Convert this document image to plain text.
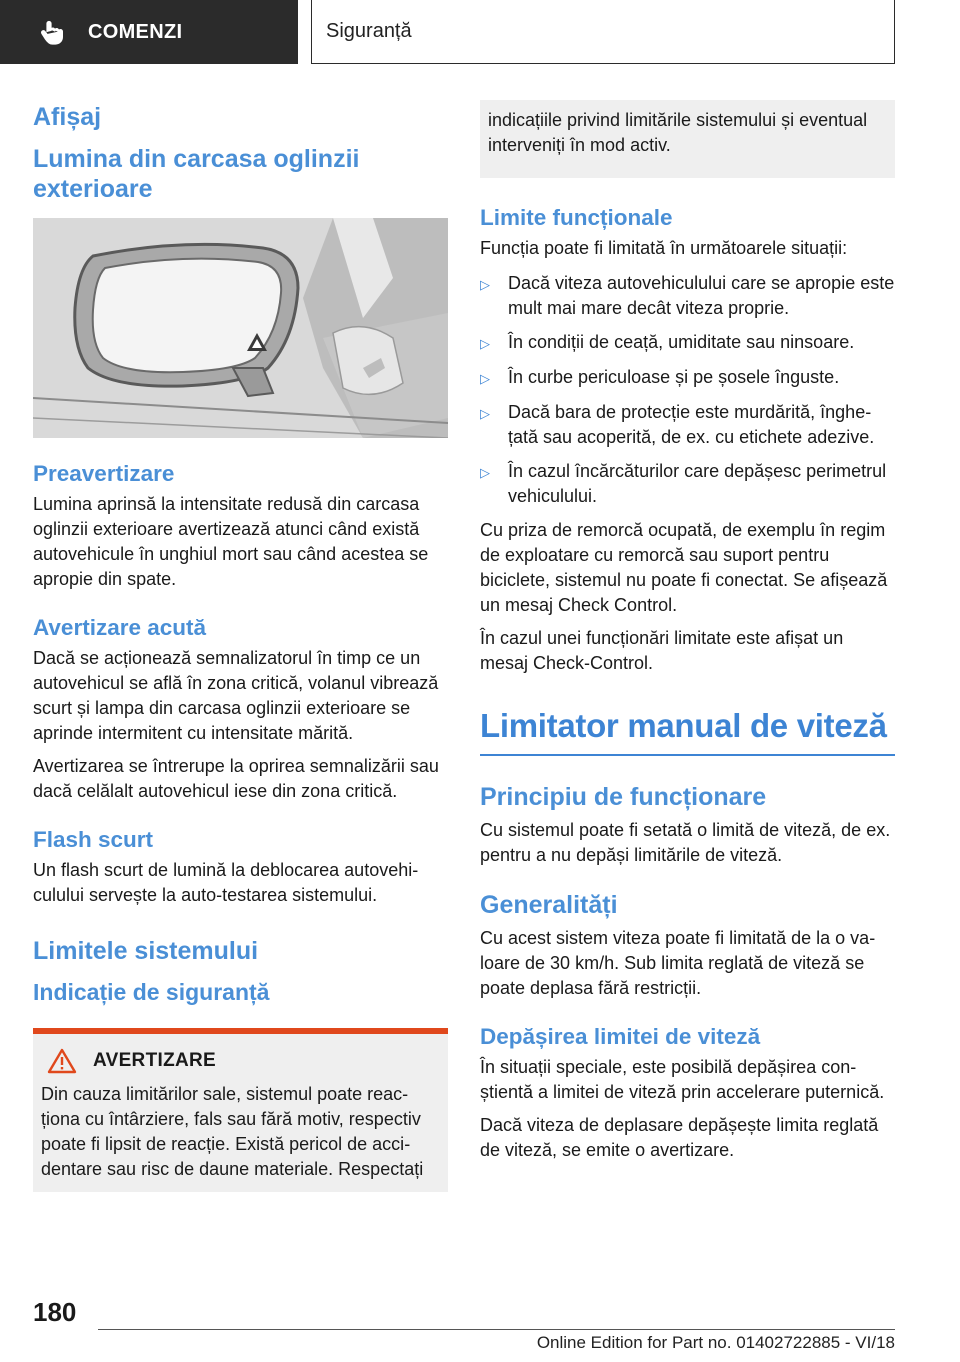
COMENZI	Siguranță
Afișaj
Lumina din carcasa oglinzii exterioare
Preavertizare

Lumina aprinsă la intensitate redusă din carcasa oglinzii exterioare avertizează atunci când există autovehicule în unghiul mort sau când acestea se apropie din spate.

Avertizare acută

Dacă se acționează semnalizatorul în timp ce un autovehicul se află în zona critică, volanul vibrează scurt și lampa din carcasa oglinzii exterioare se aprinde intermitent cu intensitate mărită.

Avertizarea se întrerupe la oprirea semnalizării sau dacă celălalt autovehicul iese din zona critică.

Flash scurt

Un flash scurt de lumină la deblocarea autovehiculului servește la auto-testarea sistemului.

Limitele sistemului
Indicație de siguranță
AVERTIZARE

Din cauza limitărilor sale, sistemul poate reacționa cu întârziere, fals sau fără motiv, respectiv poate fi lipsit de reacție. Există pericol de accidentare sau risc de daune materiale. Respectați

indicațiile privind limitările sistemului și eventual interveniți în mod activ.

Limite funcționale

Funcția poate fi limitată în următoarele situații:

▷	Dacă viteza autovehiculului care se apropie este mult mai mare decât viteza proprie.
▷	În condiții de ceață, umiditate sau ninsoare.
▷	În curbe periculoase și pe șosele înguste.
▷	Dacă bara de protecție este murdărită, înghețată sau acoperită, de ex. cu etichete adezive.
▷	În cazul încărcăturilor care depășesc perimetrul vehiculului.

Cu priza de remorcă ocupată, de exemplu în regim de exploatare cu remorcă sau suport pentru biciclete, sistemul nu poate fi conectat. Se afișează un mesaj Check Control.

În cazul unei funcționări limitate este afișat un mesaj Check-Control.

Limitator manual de viteză
Principiu de funcționare

Cu sistemul poate fi setată o limită de viteză, de ex. pentru a nu depăși limitările de viteză.

Generalități

Cu acest sistem viteza poate fi limitată de la o valoare de 30 km/h. Sub limita reglată de viteză se poate deplasa fără restricții.

Depășirea limitei de viteză

În situații speciale, este posibilă depășirea conștientă a limitei de viteză prin accelerare puternică.

Dacă viteza de deplasare depășește limita reglată de viteză, se emite o avertizare.

180
Online Edition for Part no. 01402722885 - VI/18
